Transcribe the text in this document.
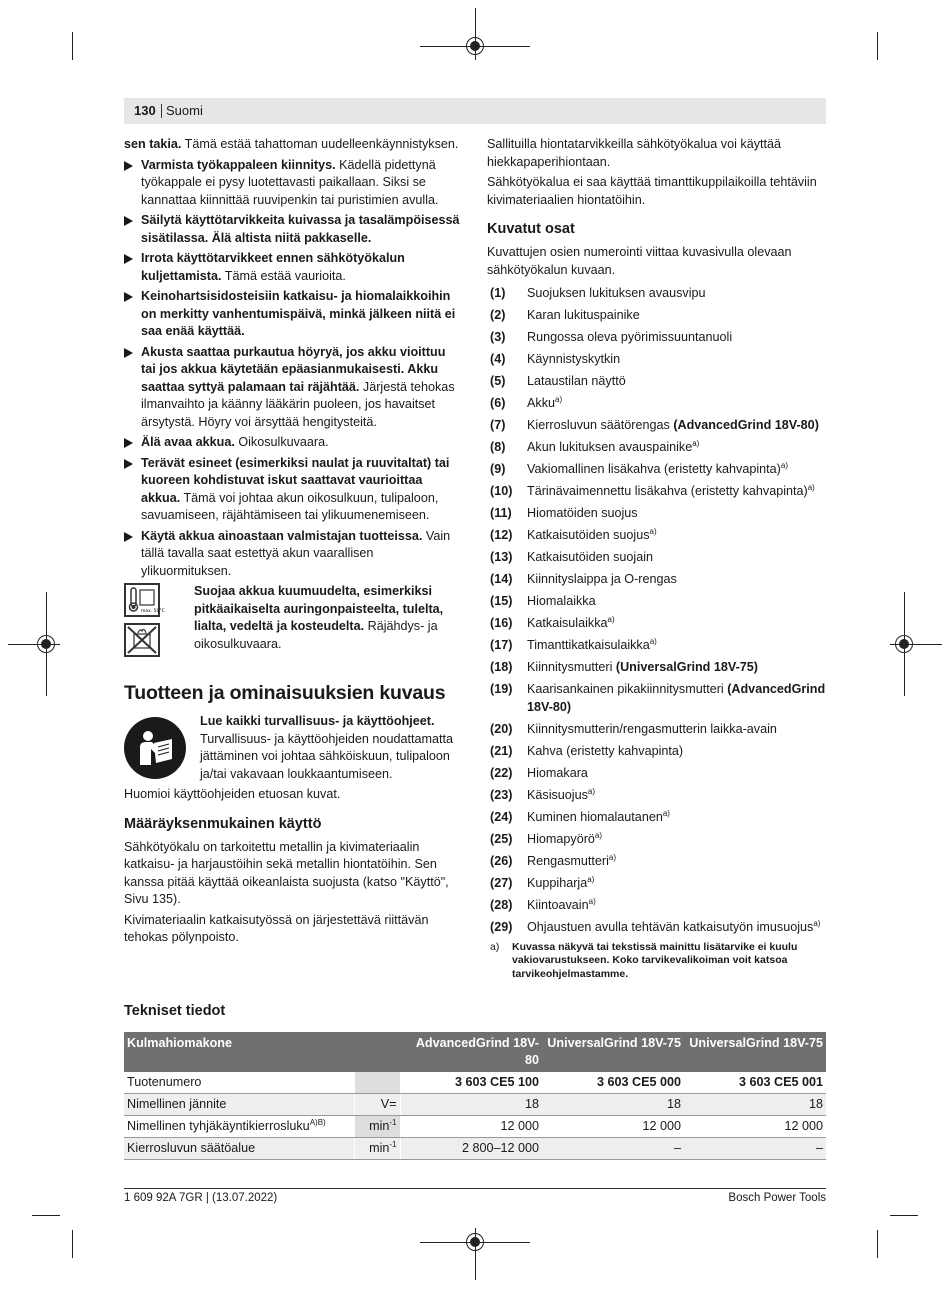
130 Suomi

sen takia. Tämä estää tahattoman uudelleenkäynnistyksen.

Varmista työkappaleen kiinnitys. Kädellä pidettynä työkappale ei pysy luotettavasti paikallaan. Siksi se kannattaa kiinnittää ruuvipenkin tai puristimien avulla.
Säilytä käyttötarvikkeita kuivassa ja tasalämpöisessä sisätilassa. Älä altista niitä pakkaselle.
Irrota käyttötarvikkeet ennen sähkötyökalun kuljettamista. Tämä estää vaurioita.
Keinohartsisidosteisiin katkaisu- ja hiomalaikkoihin on merkitty vanhentumispäivä, minkä jälkeen niitä ei saa enää käyttää.
Akusta saattaa purkautua höyryä, jos akku vioittuu tai jos akkua käytetään epäasianmukaisesti. Akku saattaa syttyä palamaan tai räjähtää. Järjestä tehokas ilmanvaihto ja käänny lääkärin puoleen, jos havaitset ärsytystä. Höyry voi ärsyttää hengitysteitä.
Älä avaa akkua. Oikosulkuvaara.
Terävät esineet (esimerkiksi naulat ja ruuvitaltat) tai kuoreen kohdistuvat iskut saattavat vaurioittaa akkua. Tämä voi johtaa akun oikosulkuun, tulipaloon, savuamiseen, räjähtämiseen tai ylikuumenemiseen.
Käytä akkua ainoastaan valmistajan tuotteissa. Vain tällä tavalla saat estettyä akun vaarallisen ylikuormituksen.
max. 50°C

Suojaa akkua kuumuudelta, esimerkiksi pitkäaikaiselta auringonpaisteelta, tulelta, lialta, vedeltä ja kosteudelta. Räjähdys- ja oikosulkuvaara.

Tuotteen ja ominaisuuksien kuvaus

Lue kaikki turvallisuus- ja käyttöohjeet. Turvallisuus- ja käyttöohjeiden noudattamatta jättäminen voi johtaa sähköiskuun, tulipaloon ja/tai vakavaan loukkaantumiseen.

Huomioi käyttöohjeiden etuosan kuvat.

Määräyksenmukainen käyttö

Sähkötyökalu on tarkoitettu metallin ja kivimateriaalin katkaisu- ja harjaustöihin sekä metallin hiontatöihin. Sen kanssa pitää käyttää oikeanlaista suojusta (katso "Käyttö", Sivu 135).

Kivimateriaalin katkaisutyössä on järjestettävä riittävän tehokas pölynpoisto.

Sallituilla hiontatarvikkeilla sähkötyökalua voi käyttää hiekkapaperihiontaan.

Sähkötyökalua ei saa käyttää timanttikuppilaikoilla tehtäviin kivimateriaalien hiontatöihin.

Kuvatut osat

Kuvattujen osien numerointi viittaa kuvasivulla olevaan sähkötyökalun kuvaan.

(1) Suojuksen lukituksen avausvipu
(2) Karan lukituspainike
(3) Rungossa oleva pyörimissuuntanuoli
(4) Käynnistyskytkin
(5) Lataustilan näyttö
(6) Akku$^{a)}$
(7) Kierrosluvun säätörengas (AdvancedGrind 18V-80)
(8) Akun lukituksen avauspainike$^{a)}$
(9) Vakiomallinen lisäkahva (eristetty kahvapinta)$^{a)}$
(10) Tärinävaimennettu lisäkahva (eristetty kahvapinta)$^{a)}$
(11) Hiomatöiden suojus
(12) Katkaisutöiden suojus$^{a)}$
(13) Katkaisutöiden suojain
(14) Kiinnityslaippa ja O-rengas
(15) Hiomalaikka
(16) Katkaisulaikka$^{a)}$
(17) Timanttikatkaisulaikka$^{a)}$
(18) Kiinnitysmutteri (UniversalGrind 18V-75)
(19) Kaarisankainen pikakiinnitysmutteri (AdvancedGrind 18V-80)
(20) Kiinnitysmutterin/rengasmutterin laikka-avain
(21) Kahva (eristetty kahvapinta)
(22) Hiomakara
(23) Käsisuojus$^{a)}$
(24) Kuminen hiomalautanen$^{a)}$
(25) Hiomapyörö$^{a)}$
(26) Rengasmutteri$^{a)}$
(27) Kuppiharja$^{a)}$
(28) Kiintoavain$^{a)}$
(29) Ohjaustuen avulla tehtävän katkaisutyön imusuojus$^{a)}$
a) Kuvassa näkyvä tai tekstissä mainittu lisätarvike ei kuulu vakiovarustukseen. Koko tarvikevalikoiman voit katsoa tarvikeohjelmastamme.
Tekniset tiedot
Kulmahiomakone		AdvancedGrind 18V-80	UniversalGrind 18V-75	UniversalGrind 18V-75
Tuotenumero		3 603 CE5 100	3 603 CE5 000	3 603 CE5 001
Nimellinen jännite	V=	18	18	18
Nimellinen tyhjäkäyntikierrosluku$^{A)B)}$	$\min^{-1}$	12 000	12 000	12 000
Kierrosluvun säätöalue	$\min^{-1}$	2 800–12 000	–	–
1 609 92A 7GR | (13.07.2022)	Bosch Power Tools
